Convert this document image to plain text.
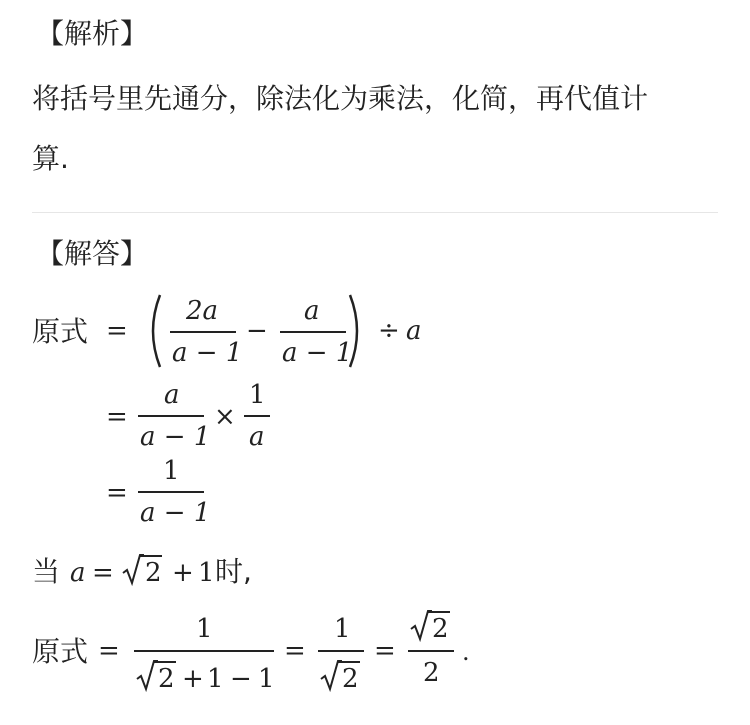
【解析】
将括号里先通分，除法化为乘法，化简，再代值计
算.
【解答】
原式 =
2a
a − 1
−
a
a − 1
÷ a
=
a
a − 1
×
1
a
=
1
a − 1
当 a = 2 + 1 时,
原式 =
1
2 + 1 − 1
=
1
2
=
2
2
.
